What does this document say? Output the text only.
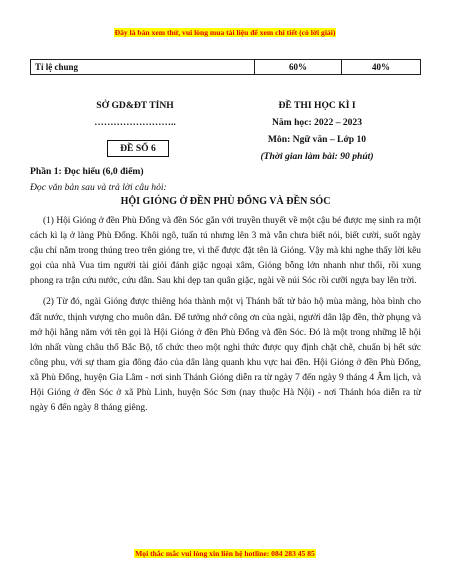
Đây là bản xem thử, vui lòng mua tài liệu để xem chi tiết (có lời giải)
Tỉ lệ chung	60%	40%
SỞ GD&ĐT TỈNH
……………………..
ĐỀ SỐ 6
ĐỀ THI HỌC KÌ I
Năm học: 2022 – 2023
Môn: Ngữ văn – Lớp 10
(Thời gian làm bài: 90 phút)
Phần 1: Đọc hiểu (6,0 điểm)
Đọc văn bản sau và trả lời câu hỏi:
HỘI GIÓNG Ở ĐỀN PHÙ ĐỔNG VÀ ĐỀN SÓC

(1) Hội Gióng ở đền Phù Đổng và đền Sóc gắn với truyền thuyết về một cậu bé được mẹ sinh ra một cách kì lạ ở làng Phù Đổng. Khôi ngô, tuấn tú nhưng lên 3 mà vẫn chưa biết nói, biết cười, suốt ngày cậu chỉ nằm trong thúng treo trên gióng tre, vì thế được đặt tên là Gióng. Vậy mà khi nghe thấy lời kêu gọi của nhà Vua tìm người tài giỏi đánh giặc ngoại xâm, Gióng bỗng lớn nhanh như thổi, rồi xung phong ra trận cứu nước, cứu dân. Sau khi dẹp tan quân giặc, ngài về núi Sóc rồi cưỡi ngựa bay lên trời.

(2) Từ đó, ngài Gióng được thiêng hóa thành một vị Thánh bất tử bảo hộ mùa màng, hòa bình cho đất nước, thịnh vượng cho muôn dân. Để tưởng nhớ công ơn của ngài, người dân lập đền, thờ phụng và mở hội hằng năm với tên gọi là Hội Gióng ở đền Phù Đổng và đền Sóc. Đó là một trong những lễ hội lớn nhất vùng châu thổ Bắc Bộ, tổ chức theo một nghi thức được quy định chặt chẽ, chuẩn bị hết sức công phu, với sự tham gia đông đảo của dân làng quanh khu vực hai đền. Hội Gióng ở đền Phù Đổng, xã Phù Đổng, huyện Gia Lâm - nơi sinh Thánh Gióng diễn ra từ ngày 7 đến ngày 9 tháng 4 Âm lịch, và Hội Gióng ở đền Sóc ở xã Phù Linh, huyện Sóc Sơn (nay thuộc Hà Nội) - nơi Thánh hóa diễn ra từ ngày 6 đến ngày 8 tháng giêng.

Mọi thắc mắc vui lòng xin liên hệ hotline: 084 283 45 85
